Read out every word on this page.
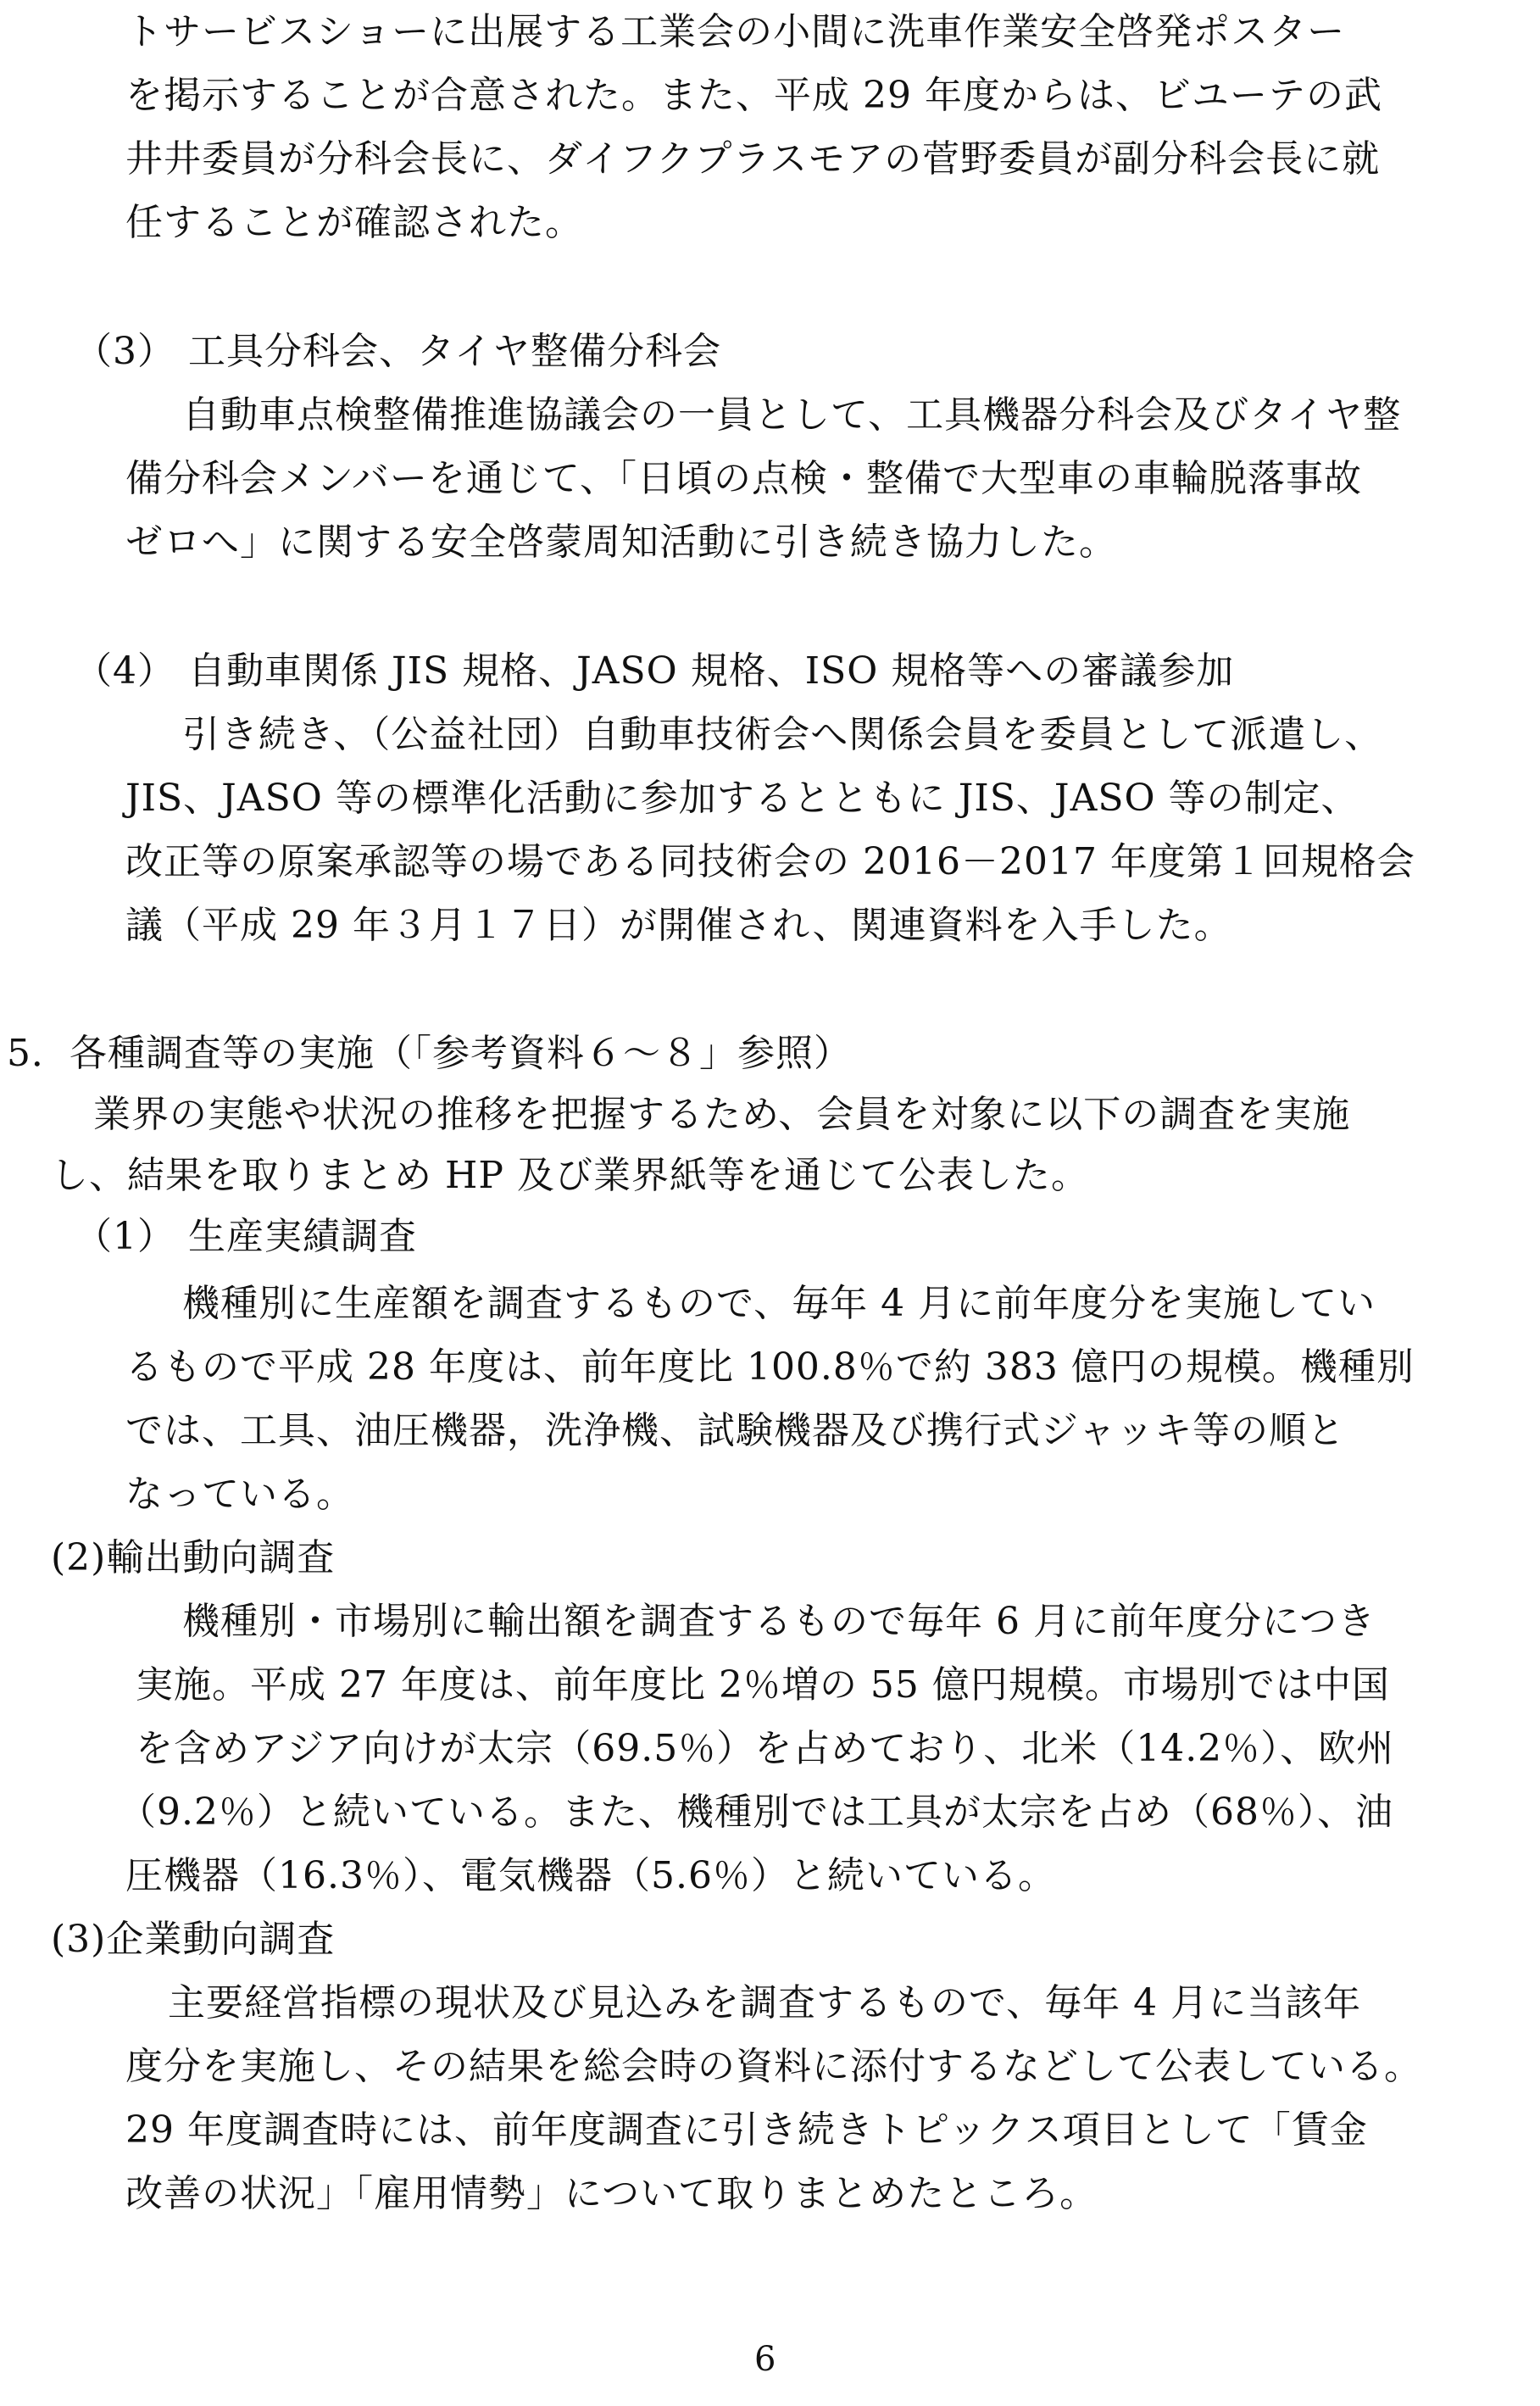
トサービスショーに出展する工業会の小間に洗車作業安全啓発ポスター
を掲示することが合意された。また、平成 29 年度からは、ビユーテの武
井井委員が分科会長に、ダイフクプラスモアの菅野委員が副分科会長に就
任することが確認された。
（3） 工具分科会、タイヤ整備分科会
自動車点検整備推進協議会の一員として、工具機器分科会及びタイヤ整
備分科会メンバーを通じて、「日頃の点検・整備で大型車の車輪脱落事故
ゼロへ」に関する安全啓蒙周知活動に引き続き協力した。
（4） 自動車関係 JIS 規格、JASO 規格、ISO 規格等への審議参加
引き続き、（公益社団）自動車技術会へ関係会員を委員として派遣し、
JIS、JASO 等の標準化活動に参加するとともに JIS、JASO 等の制定、
改正等の原案承認等の場である同技術会の 2016－2017 年度第１回規格会
議（平成 29 年３月１７日）が開催され、関連資料を入手した。
5．各種調査等の実施（「参考資料６～８」参照）
業界の実態や状況の推移を把握するため、会員を対象に以下の調査を実施
し、結果を取りまとめ HP 及び業界紙等を通じて公表した。
（1） 生産実績調査
機種別に生産額を調査するもので、毎年 4 月に前年度分を実施してい
るもので平成 28 年度は、前年度比 100.8％で約 383 億円の規模。機種別
では、工具、油圧機器，洗浄機、試験機器及び携行式ジャッキ等の順と
なっている。
(2)輸出動向調査
機種別・市場別に輸出額を調査するもので毎年 6 月に前年度分につき
実施。平成 27 年度は、前年度比 2％増の 55 億円規模。市場別では中国
を含めアジア向けが太宗（69.5％）を占めており、北米（14.2％）、欧州
（9.2％）と続いている。また、機種別では工具が太宗を占め（68％）、油
圧機器（16.3％）、電気機器（5.6％）と続いている。
(3)企業動向調査
主要経営指標の現状及び見込みを調査するもので、毎年 4 月に当該年
度分を実施し、その結果を総会時の資料に添付するなどして公表している。
29 年度調査時には、前年度調査に引き続きトピックス項目として「賃金
改善の状況」「雇用情勢」について取りまとめたところ。
6
